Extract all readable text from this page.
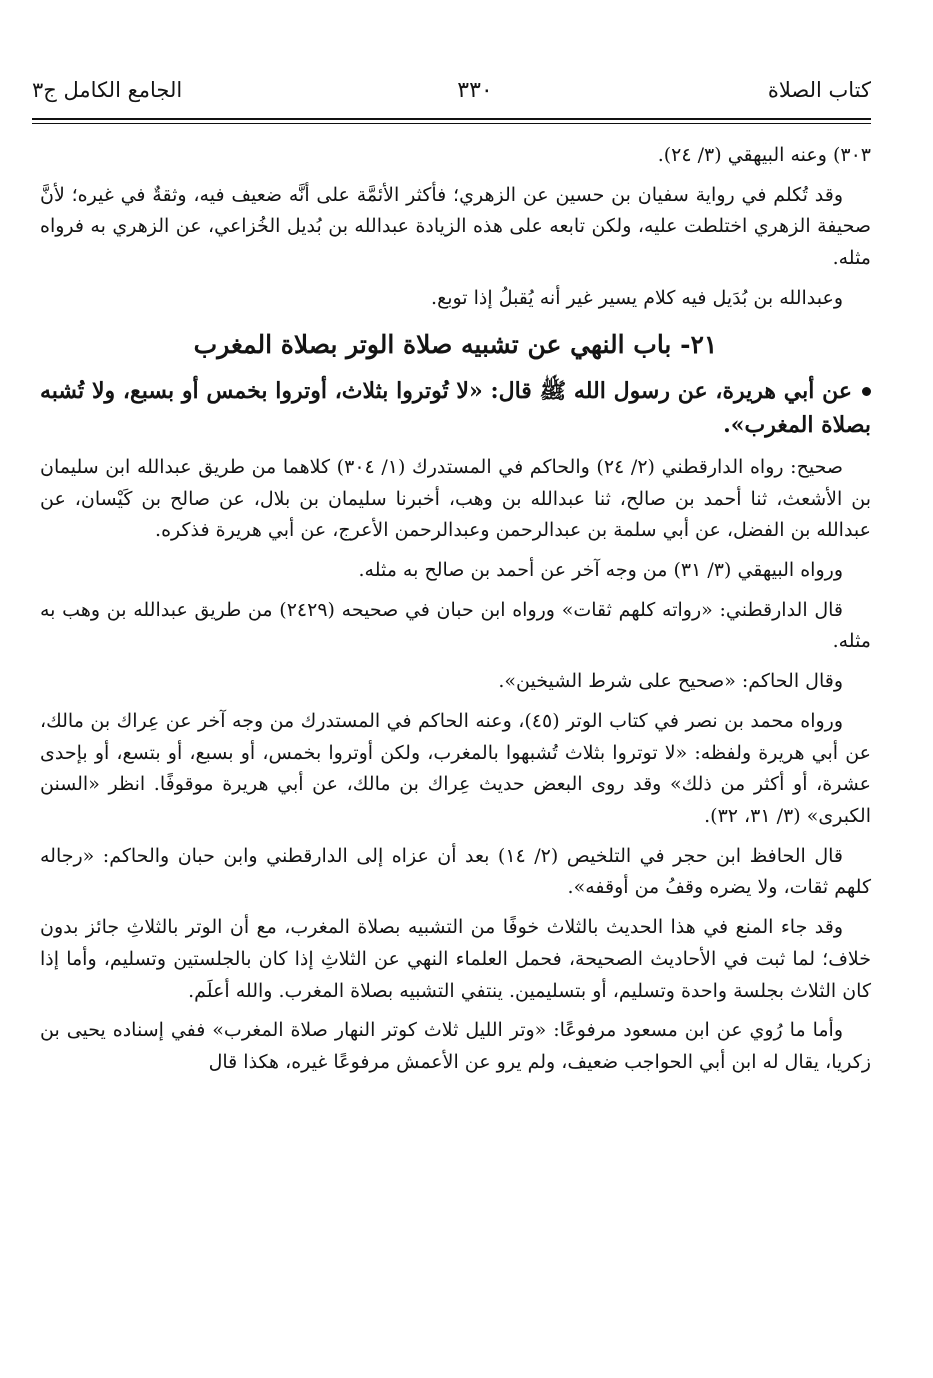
كتاب الصلاة
٣٣٠
الجامع الكامل ج٣

٣٠٣) وعنه البيهقي (٣/ ٢٤).

وقد تُكلم في رواية سفيان بن حسين عن الزهري؛ فأكثر الأئمَّة على أنَّه ضعيف فيه، وثقةٌ في غيره؛ لأنَّ صحيفة الزهري اختلطت عليه، ولكن تابعه على هذه الزيادة عبدالله بن بُديل الخُزاعي، عن الزهري به فرواه مثله.

وعبدالله بن بُدَيل فيه كلام يسير غير أنه يُقبلُ إذا توبع.

٢١- باب النهي عن تشبيه صلاة الوتر بصلاة المغرب
عن أبي هريرة، عن رسول الله ﷺ قال: «لا تُوتروا بثلاث، أوتروا بخمس أو بسبع، ولا تُشبه بصلاة المغرب».

صحيح: رواه الدارقطني (٢/ ٢٤) والحاكم في المستدرك (١/ ٣٠٤) كلاهما من طريق عبدالله ابن سليمان بن الأشعث، ثنا أحمد بن صالح، ثنا عبدالله بن وهب، أخبرنا سليمان بن بلال، عن صالح بن كَيْسان، عن عبدالله بن الفضل، عن أبي سلمة بن عبدالرحمن وعبدالرحمن الأعرج، عن أبي هريرة فذكره.

ورواه البيهقي (٣/ ٣١) من وجه آخر عن أحمد بن صالح به مثله.

قال الدارقطني: «رواته كلهم ثقات» ورواه ابن حبان في صحيحه (٢٤٢٩) من طريق عبدالله بن وهب به مثله.

وقال الحاكم: «صحيح على شرط الشيخين».

ورواه محمد بن نصر في كتاب الوتر (٤٥)، وعنه الحاكم في المستدرك من وجه آخر عن عِراك بن مالك، عن أبي هريرة ولفظه: «لا توتروا بثلاث تُشبهوا بالمغرب، ولكن أوتروا بخمس، أو بسبع، أو بتسع، أو بإحدى عشرة، أو أكثر من ذلك» وقد روى البعض حديث عِراك بن مالك، عن أبي هريرة موقوفًا. انظر «السنن الكبرى» (٣/ ٣١، ٣٢).

قال الحافظ ابن حجر في التلخيص (٢/ ١٤) بعد أن عزاه إلى الدارقطني وابن حبان والحاكم: «رجاله كلهم ثقات، ولا يضره وقفُ من أوقفه».

وقد جاء المنع في هذا الحديث بالثلاث خوفًا من التشبيه بصلاة المغرب، مع أن الوتر بالثلاثِ جائز بدون خلاف؛ لما ثبت في الأحاديث الصحيحة، فحمل العلماء النهي عن الثلاثِ إذا كان بالجلستين وتسليم، وأما إذا كان الثلاث بجلسة واحدة وتسليم، أو بتسليمين. ينتفي التشبيه بصلاة المغرب. والله أعلَم.

وأما ما رُوي عن ابن مسعود مرفوعًا: «وتر الليل ثلاث كوتر النهار صلاة المغرب» ففي إسناده يحيى بن زكريا، يقال له ابن أبي الحواجب ضعيف، ولم يرو عن الأعمش مرفوعًا غيره، هكذا قال
